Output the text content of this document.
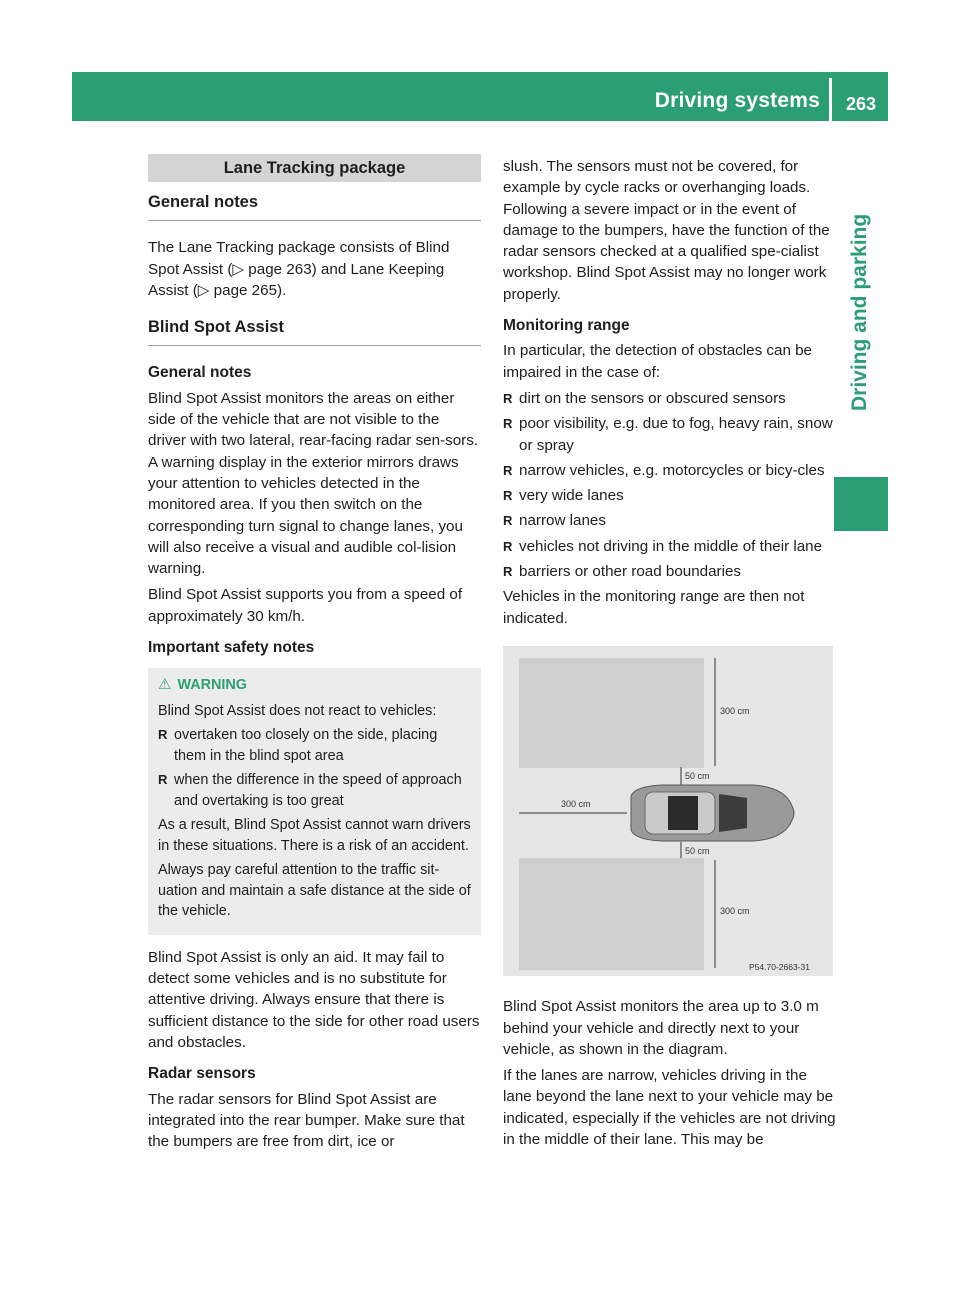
Driving systems 263
Driving and parking
Lane Tracking package
General notes

The Lane Tracking package consists of Blind Spot Assist (▷ page 263) and Lane Keeping Assist (▷ page 265).

Blind Spot Assist
General notes

Blind Spot Assist monitors the areas on either side of the vehicle that are not visible to the driver with two lateral, rear-facing radar sen-sors. A warning display in the exterior mirrors draws your attention to vehicles detected in the monitored area. If you then switch on the corresponding turn signal to change lanes, you will also receive a visual and audible col-lision warning.

Blind Spot Assist supports you from a speed of approximately 30 km/h.

Important safety notes
⚠ WARNING

Blind Spot Assist does not react to vehicles:

R overtaken too closely on the side, placing them in the blind spot area
R when the difference in the speed of approach and overtaking is too great

As a result, Blind Spot Assist cannot warn drivers in these situations. There is a risk of an accident.

Always pay careful attention to the traffic sit-uation and maintain a safe distance at the side of the vehicle.

Blind Spot Assist is only an aid. It may fail to detect some vehicles and is no substitute for attentive driving. Always ensure that there is sufficient distance to the side for other road users and obstacles.

Radar sensors

The radar sensors for Blind Spot Assist are integrated into the rear bumper. Make sure that the bumpers are free from dirt, ice or

slush. The sensors must not be covered, for example by cycle racks or overhanging loads. Following a severe impact or in the event of damage to the bumpers, have the function of the radar sensors checked at a qualified spe-cialist workshop. Blind Spot Assist may no longer work properly.

Monitoring range

In particular, the detection of obstacles can be impaired in the case of:

R dirt on the sensors or obscured sensors
R poor visibility, e.g. due to fog, heavy rain, snow or spray
R narrow vehicles, e.g. motorcycles or bicy-cles
R very wide lanes
R narrow lanes
R vehicles not driving in the middle of their lane
R barriers or other road boundaries

Vehicles in the monitoring range are then not indicated.

300 cm
50 cm
300 cm
50 cm
300 cm
P54.70-2663-31

Blind Spot Assist monitors the area up to 3.0 m behind your vehicle and directly next to your vehicle, as shown in the diagram.

If the lanes are narrow, vehicles driving in the lane beyond the lane next to your vehicle may be indicated, especially if the vehicles are not driving in the middle of their lane. This may be
